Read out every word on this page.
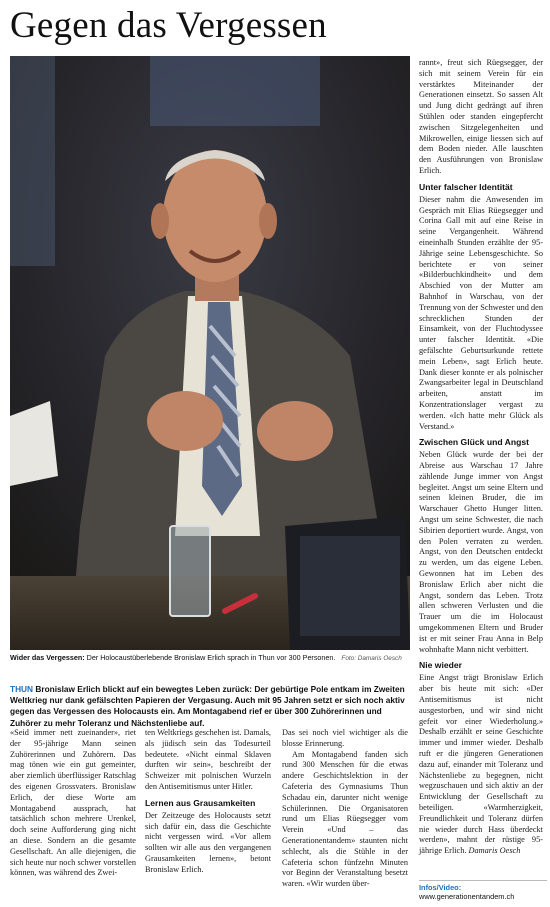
Gegen das Vergessen
Wider das Vergessen: Der Holocaustüberlebende Bronislaw Erlich sprach in Thun vor 300 Personen. Foto: Damaris Oesch
THUN Bronislaw Erlich blickt auf ein bewegtes Leben zurück: Der gebürtige Pole entkam im Zweiten Weltkrieg nur dank gefälschten Papieren der Vergasung. Auch mit 95 Jahren setzt er sich noch aktiv gegen das Vergessen des Holocausts ein. Am Montagabend rief er über 300 Zuhörerinnen und Zuhörer zu mehr Toleranz und Nächstenliebe auf.

«Seid immer nett zueinander», riet der 95-jährige Mann seinen Zuhörerinnen und Zuhörern. Das mag tönen wie ein gut gemeinter, aber ziemlich überflüssiger Ratschlag des eigenen Grossvaters. Bronislaw Erlich, der diese Worte am Montagabend aussprach, hat tatsächlich schon mehrere Urenkel, doch seine Aufforderung ging nicht an diese. Sondern an die gesamte Gesellschaft. An alle diejenigen, die sich heute nur noch schwer vorstellen können, was während des Zwei-

ten Weltkriegs geschehen ist. Damals, als jüdisch sein das Todesurteil bedeutete. «Nicht einmal Sklaven durften wir sein», beschreibt der Schweizer mit polnischen Wurzeln den Antisemitismus unter Hitler.

Lernen aus Grausamkeiten

Der Zeitzeuge des Holocausts setzt sich dafür ein, dass die Geschichte nicht vergessen wird. «Vor allem sollten wir alle aus den vergangenen Grausamkeiten lernen», betont Bronislaw Erlich.

Das sei noch viel wichtiger als die blosse Erinnerung.

Am Montagabend fanden sich rund 300 Menschen für die etwas andere Geschichtslektion in der Cafeteria des Gymnasiums Thun Schadau ein, darunter nicht wenige Schülerinnen. Die Organisatoren rund um Elias Rüegsegger vom Verein «Und – das Generationentandem» staunten nicht schlecht, als die Stühle in der Cafeteria schon fünfzehn Minuten vor Beginn der Veranstaltung besetzt waren. «Wir wurden über-

rannt», freut sich Rüegsegger, der sich mit seinem Verein für ein verstärktes Miteinander der Generationen einsetzt. So sassen Alt und Jung dicht gedrängt auf ihren Stühlen oder standen eingepfercht zwischen Sitzgelegenheiten und Mikrowellen, einige liessen sich auf dem Boden nieder. Alle lauschten den Ausführungen von Bronislaw Erlich.

Unter falscher Identität

Dieser nahm die Anwesenden im Gespräch mit Elias Rüegsegger und Corina Gall mit auf eine Reise in seine Vergangenheit. Während eineinhalb Stunden erzählte der 95-Jährige seine Lebensgeschichte. So berichtete er von seiner «Bilderbuchkindheit» und dem Abschied von der Mutter am Bahnhof in Warschau, von der Trennung von der Schwester und den schrecklichen Stunden der Einsamkeit, von der Fluchtodyssee unter falscher Identität. «Die gefälschte Geburtsurkunde rettete mein Leben», sagt Erlich heute. Dank dieser konnte er als polnischer Zwangsarbeiter legal in Deutschland arbeiten, anstatt im Konzentrationslager vergast zu werden. «Ich hatte mehr Glück als Verstand.»

Zwischen Glück und Angst

Neben Glück wurde der bei der Abreise aus Warschau 17 Jahre zählende Junge immer von Angst begleitet. Angst um seine Eltern und seinen kleinen Bruder, die im Warschauer Ghetto Hunger litten. Angst um seine Schwester, die nach Sibirien deportiert wurde. Angst, von den Polen verraten zu werden. Angst, von den Deutschen entdeckt zu werden, um das eigene Leben. Gewonnen hat im Leben des Bronislaw Erlich aber nicht die Angst, sondern das Leben. Trotz allen schweren Verlusten und die Trauer um die im Holocaust umgekommenen Eltern und Bruder ist er mit seiner Frau Anna in Belp wohnhafte Mann nicht verbittert.

Nie wieder

Eine Angst trägt Bronislaw Erlich aber bis heute mit sich: «Der Antisemitismus ist nicht ausgestorben, und wir sind nicht gefeit vor einer Wiederholung.» Deshalb erzählt er seine Geschichte immer und immer wieder. Deshalb ruft er die jüngeren Generationen dazu auf, einander mit Toleranz und Nächstenliebe zu begegnen, nicht wegzuschauen und sich aktiv an der Entwicklung der Gesellschaft zu beteiligen. «Warmherzigkeit, Freundlichkeit und Toleranz dürfen nie wieder durch Hass überdeckt werden», mahnt der rüstige 95-jährige Erlich. Damaris Oesch

Infos/Video: www.generationentandem.ch
